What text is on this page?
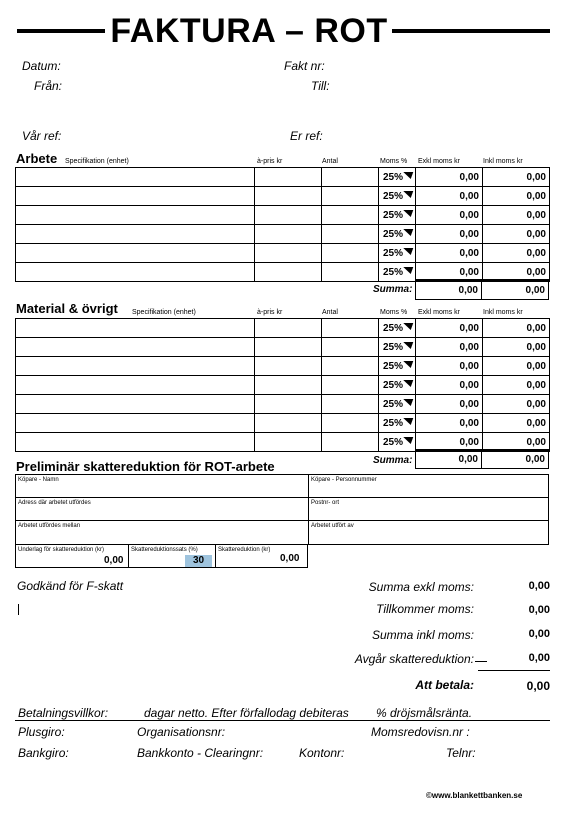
FAKTURA – ROT
Datum:
Från:
Vår ref:
Fakt nr:
Till:
Er ref:
Arbete Specifikation (enhet)	à-pris kr	Antal	Moms % Exkl moms kr	Inkl moms kr
			25%	0,00	0,00
			25%	0,00	0,00
			25%	0,00	0,00
			25%	0,00	0,00
			25%	0,00	0,00
			25%	0,00	0,00
Summa:	0,00	0,00
Material & övrigt Specifikation (enhet)	à-pris kr	Antal	Moms % Exkl moms kr	Inkl moms kr
			25%	0,00	0,00
			25%	0,00	0,00
			25%	0,00	0,00
			25%	0,00	0,00
			25%	0,00	0,00
			25%	0,00	0,00
			25%	0,00	0,00
Summa:	0,00	0,00
Preliminär skattereduktion för ROT-arbete
Köpare - Namn	Köpare - Personnummer
Adress där arbetet utfördes	Postnr- ort
Arbetet utfördes mellan	Arbetet utfört av
Underlag för skattereduktion (kr)
0,00
Skattereduktionssats (%)
30
Skattereduktion (kr)
0,00
Godkänd för F-skatt	Summa exkl moms:	0,00
Tillkommer moms:	0,00
Summa inkl moms:	0,00
Avgår skattereduktion:	0,00
Att betala:	0,00
Betalningsvillkor:	dagar netto. Efter förfallodag debiteras % dröjsmålsränta.
Plusgiro:	Organisationsnr:	Momsredovisn.nr :
Bankgiro:	Bankkonto - Clearingnr:	Kontonr:	Telnr:
©www.blankettbanken.se
